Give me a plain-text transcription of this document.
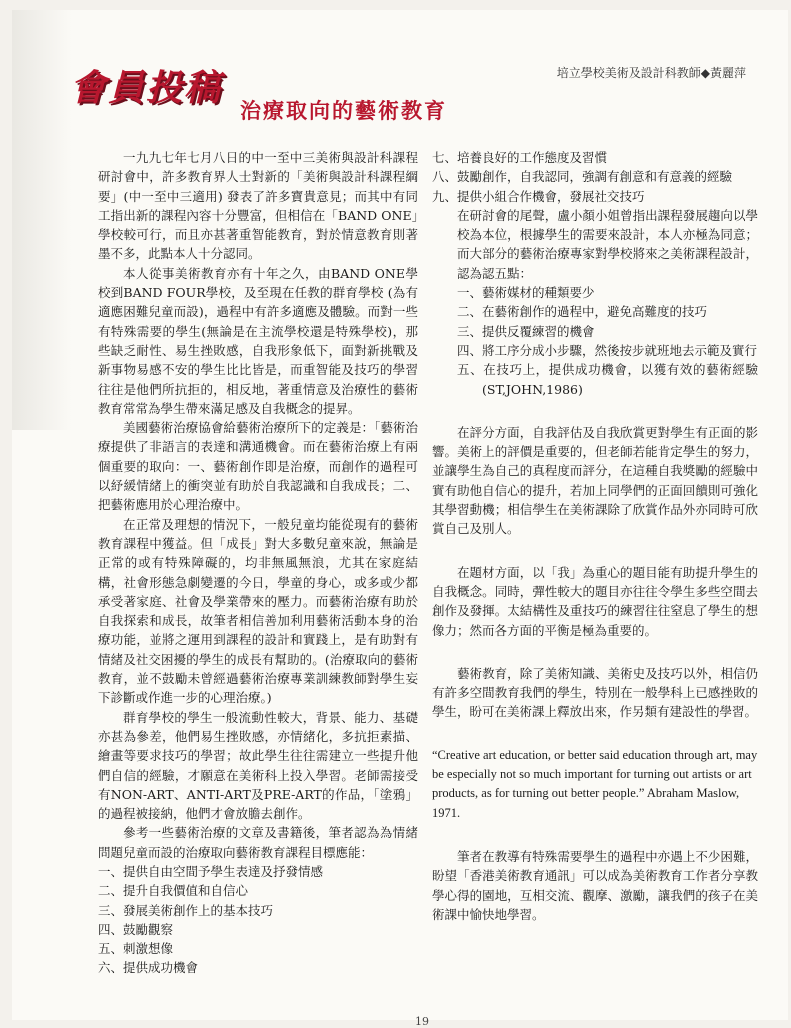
培立學校美術及設計科教師◆黃麗萍
會員投稿
治療取向的藝術教育

一九九七年七月八日的中一至中三美術與設計科課程研討會中，許多教育界人士對新的「美術與設計科課程綱要」(中一至中三適用) 發表了許多寶貴意見；而其中有同工指出新的課程內容十分豐富，但相信在「BAND ONE」學校較可行，而且亦甚著重智能教育，對於情意教育則著墨不多，此點本人十分認同。

本人從事美術教育亦有十年之久，由BAND ONE學校到BAND FOUR學校，及至現在任教的群育學校 (為有適應困難兒童而設)，過程中有許多適應及體驗。而對一些有特殊需要的學生(無論是在主流學校還是特殊學校)，那些缺乏耐性、易生挫敗感，自我形象低下，面對新挑戰及新事物易感不安的學生比比皆是，而重智能及技巧的學習往往是他們所抗拒的，相反地，著重情意及治療性的藝術教育常常為學生帶來滿足感及自我概念的提昇。

美國藝術治療協會給藝術治療所下的定義是：「藝術治療提供了非語言的表達和溝通機會。而在藝術治療上有兩個重要的取向：一、藝術創作即是治療，而創作的過程可以紓緩情緒上的衝突並有助於自我認識和自我成長；二、把藝術應用於心理治療中。

在正常及理想的情況下，一般兒童均能從現有的藝術教育課程中獲益。但「成長」對大多數兒童來說，無論是正常的或有特殊障礙的，均非無風無浪，尤其在家庭結構，社會形態急劇變遷的今日，學童的身心，或多或少都承受著家庭、社會及學業帶來的壓力。而藝術治療有助於自我探索和成長，故筆者相信善加利用藝術活動本身的治療功能，並將之運用到課程的設計和實踐上，是有助對有情緒及社交困擾的學生的成長有幫助的。(治療取向的藝術教育，並不鼓勵未曾經過藝術治療專業訓練教師對學生妄下診斷或作進一步的心理治療。)

群育學校的學生一般流動性較大，背景、能力、基礎亦甚為參差，他們易生挫敗感，亦情緒化，多抗拒素描、繪畫等要求技巧的學習；故此學生往往需建立一些提升他們自信的經驗，才願意在美術科上投入學習。老師需接受有NON-ART、ANTI-ART及PRE-ART的作品，「塗鴉」的過程被接納，他們才會放膽去創作。

參考一些藝術治療的文章及書籍後，筆者認為為情緒問題兒童而設的治療取向藝術教育課程目標應能：

一、提供自由空間予學生表達及抒發情感

二、提升自我價值和自信心

三、發展美術創作上的基本技巧

四、鼓勵觀察

五、刺激想像

六、提供成功機會

七、培養良好的工作態度及習慣

八、鼓勵創作，自我認同，強調有創意和有意義的經驗

九、提供小組合作機會，發展社交技巧

在研討會的尾聲，盧小顏小姐曾指出課程發展趨向以學校為本位，根據學生的需要來設計，本人亦極為同意；而大部分的藝術治療專家對學校將來之美術課程設計，認為認五點：

一、藝術媒材的種類要少

二、在藝術創作的過程中，避免高難度的技巧

三、提供反覆練習的機會

四、將工序分成小步驟，然後按步就班地去示範及實行

五、在技巧上，提供成功機會，以獲有效的藝術經驗 (ST,JOHN,1986)

在評分方面，自我評估及自我欣賞更對學生有正面的影響。美術上的評價是重要的，但老師若能肯定學生的努力，並讓學生為自己的真程度而評分，在這種自我獎勵的經驗中實有助他自信心的提升，若加上同學們的正面回饋則可強化其學習動機；相信學生在美術課除了欣賞作品外亦同時可欣賞自己及別人。

在題材方面，以「我」為重心的題目能有助提升學生的自我概念。同時，彈性較大的題目亦往往令學生多些空間去創作及發揮。太結構性及重技巧的練習往往窒息了學生的想像力；然而各方面的平衡是極為重要的。

藝術教育，除了美術知識、美術史及技巧以外，相信仍有許多空間教育我們的學生，特別在一般學科上已感挫敗的學生，盼可在美術課上釋放出來，作另類有建設性的學習。

“Creative art education, or better said education through art, may be especially not so much important for turning out artists or art products, as for turning out better people.” Abraham Maslow, 1971.

筆者在教導有特殊需要學生的過程中亦遇上不少困難，盼望「香港美術教育通訊」可以成為美術教育工作者分享教學心得的園地，互相交流、觀摩、激勵，讓我們的孩子在美術課中愉快地學習。

19
